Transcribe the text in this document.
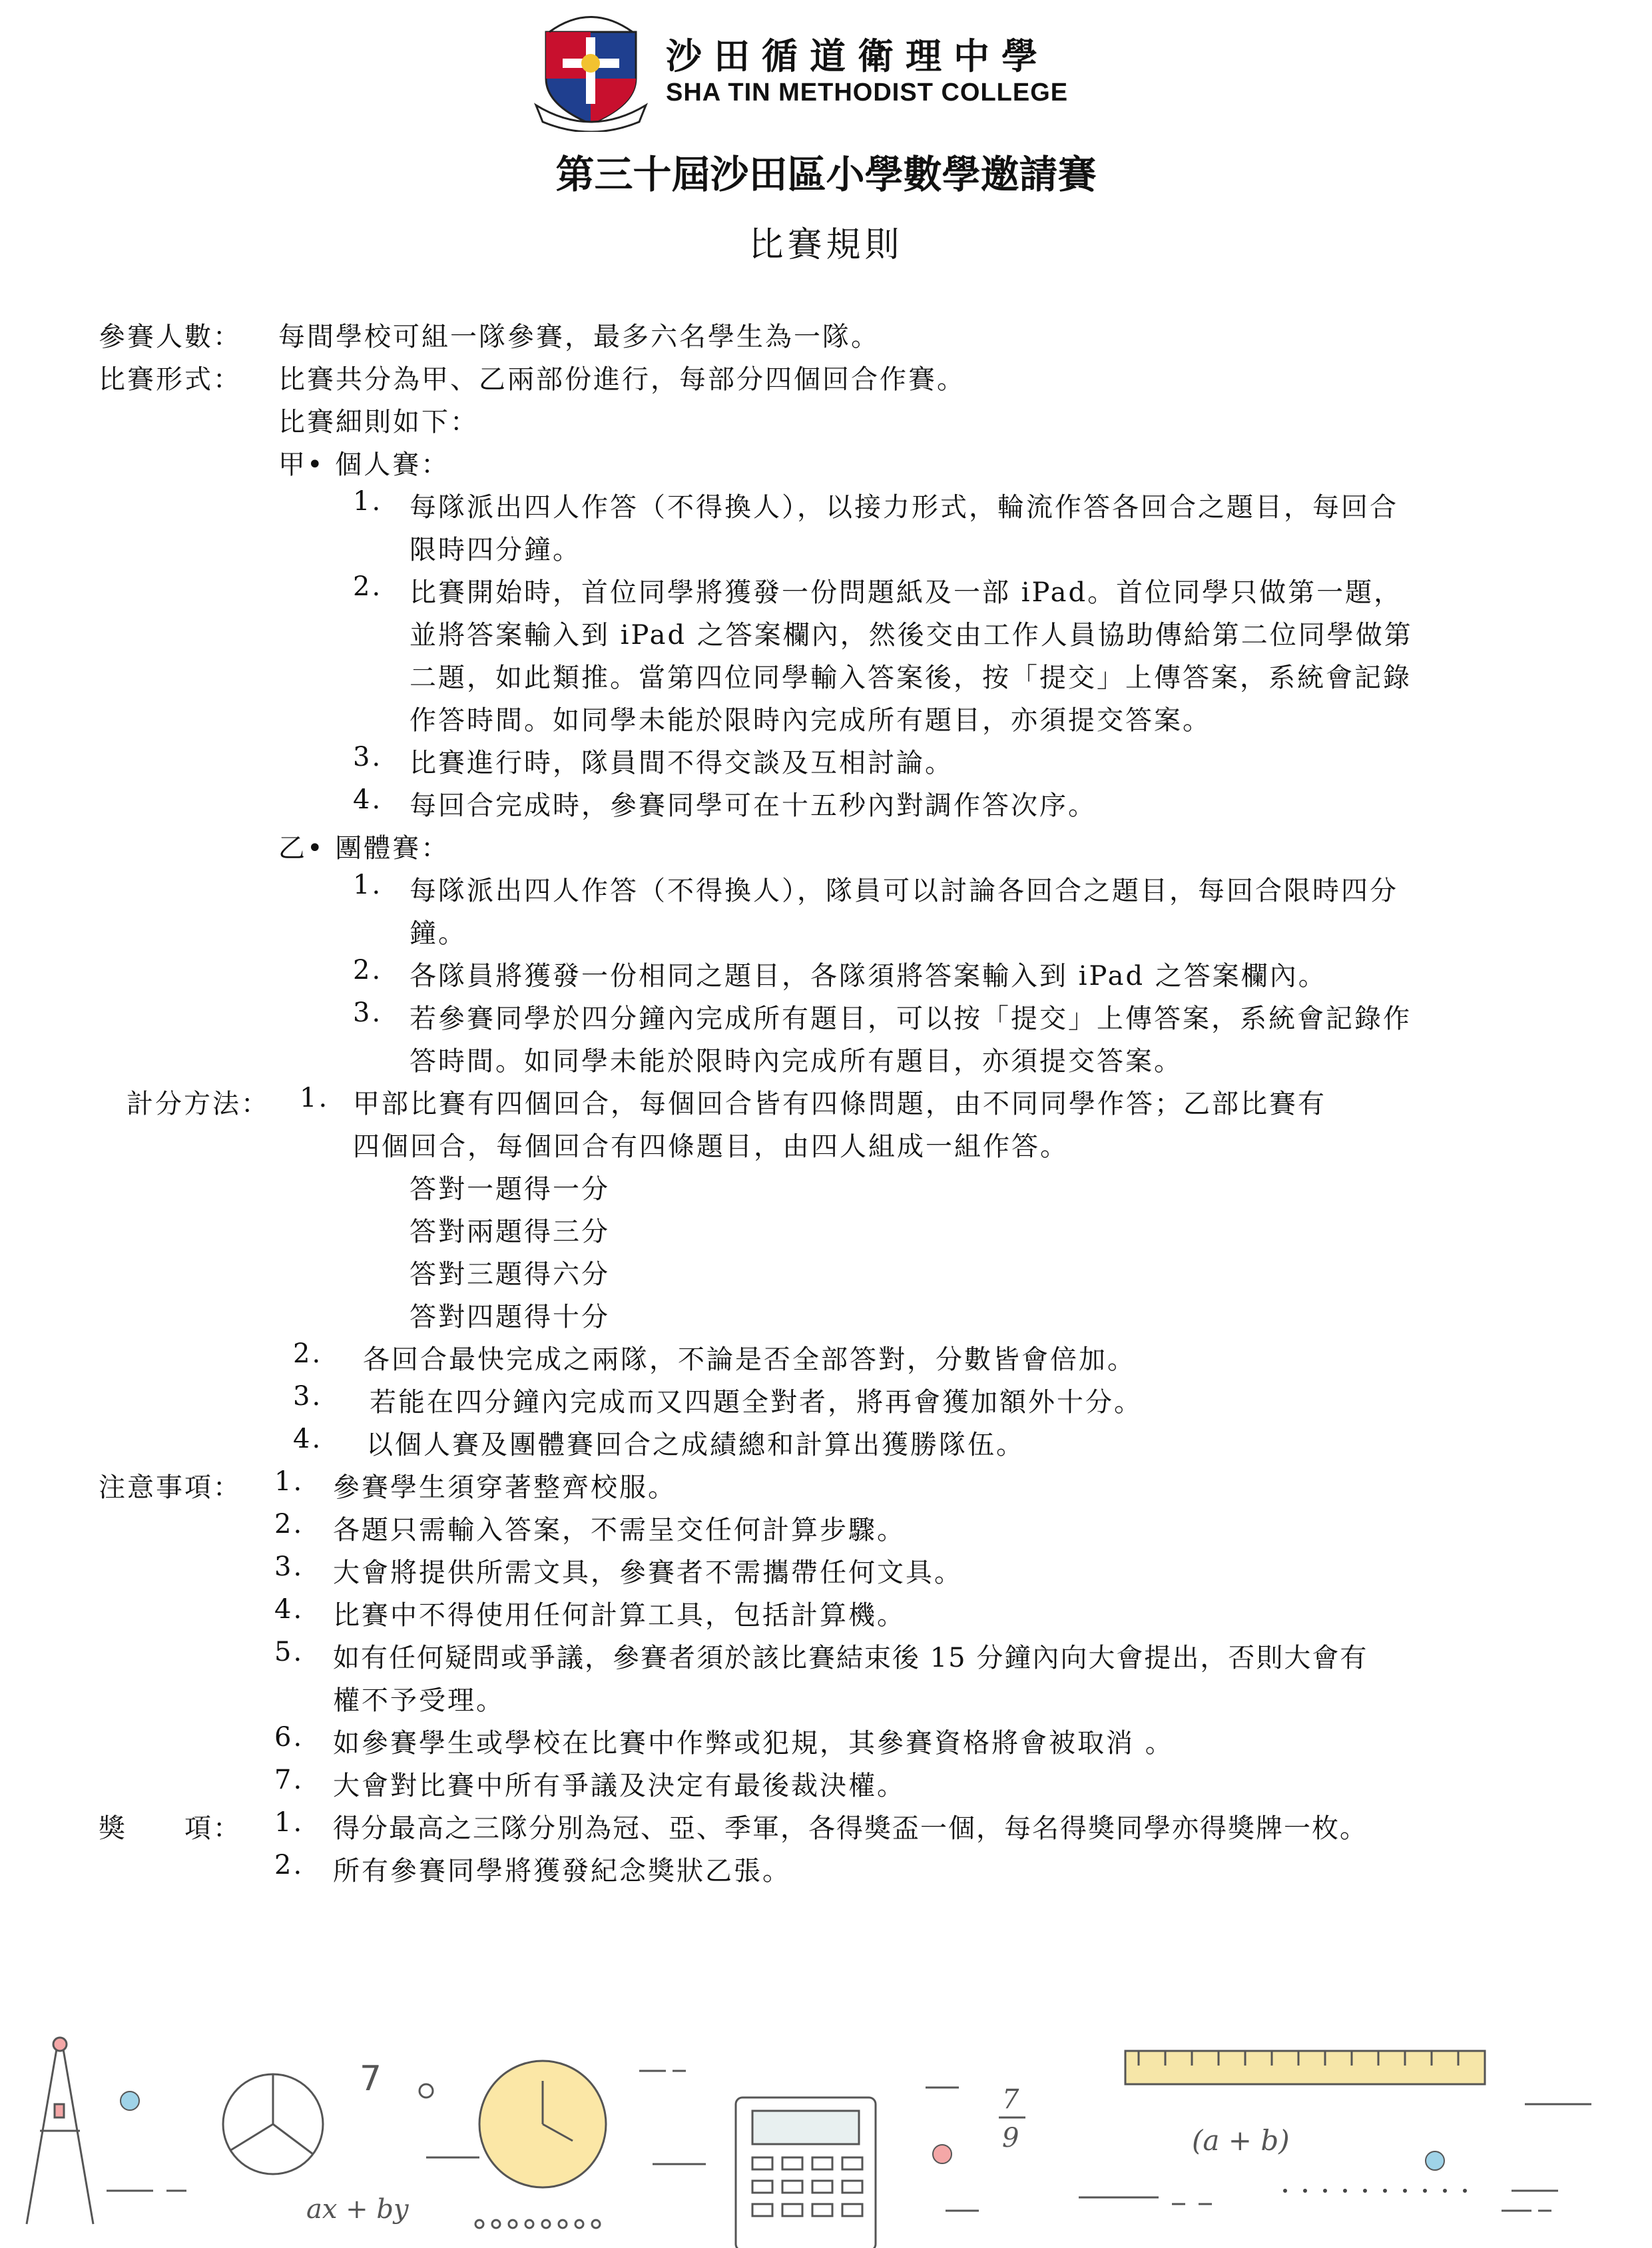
沙田循道衛理中學
SHA TIN METHODIST COLLEGE
第三十屆沙田區小學數學邀請賽
比賽規則
參賽人數： 每間學校可組一隊參賽，最多六名學生為一隊。
比賽形式： 比賽共分為甲、乙兩部份進行，每部分四個回合作賽。
比賽細則如下：
甲• 個人賽：
1. 每隊派出四人作答（不得換人），以接力形式，輪流作答各回合之題目，每回合
限時四分鐘。
2. 比賽開始時，首位同學將獲發一份問題紙及一部 iPad。首位同學只做第一題，
並將答案輸入到 iPad 之答案欄內，然後交由工作人員協助傳給第二位同學做第
二題，如此類推。當第四位同學輸入答案後，按「提交」上傳答案，系統會記錄
作答時間。如同學未能於限時內完成所有題目，亦須提交答案。
3. 比賽進行時，隊員間不得交談及互相討論。
4. 每回合完成時，參賽同學可在十五秒內對調作答次序。
乙• 團體賽：
1. 每隊派出四人作答（不得換人），隊員可以討論各回合之題目，每回合限時四分
鐘。
2. 各隊員將獲發一份相同之題目，各隊須將答案輸入到 iPad 之答案欄內。
3. 若參賽同學於四分鐘內完成所有題目，可以按「提交」上傳答案，系統會記錄作
答時間。如同學未能於限時內完成所有題目，亦須提交答案。
計分方法： 1. 甲部比賽有四個回合，每個回合皆有四條問題，由不同同學作答；乙部比賽有
四個回合，每個回合有四條題目，由四人組成一組作答。
答對一題得一分
答對兩題得三分
答對三題得六分
答對四題得十分
2. 各回合最快完成之兩隊，不論是否全部答對，分數皆會倍加。
3. 若能在四分鐘內完成而又四題全對者，將再會獲加額外十分。
4. 以個人賽及團體賽回合之成績總和計算出獲勝隊伍。
注意事項： 1. 參賽學生須穿著整齊校服。
2. 各題只需輸入答案，不需呈交任何計算步驟。
3. 大會將提供所需文具，參賽者不需攜帶任何文具。
4. 比賽中不得使用任何計算工具，包括計算機。
5. 如有任何疑問或爭議，參賽者須於該比賽結束後 15 分鐘內向大會提出，否則大會有
權不予受理。
6. 如參賽學生或學校在比賽中作弊或犯規，其參賽資格將會被取消 。
7. 大會對比賽中所有爭議及決定有最後裁決權。
獎　　項： 1. 得分最高之三隊分別為冠、亞、季軍，各得獎盃一個，每名得獎同學亦得獎牌一枚。
2. 所有參賽同學將獲發紀念獎狀乙張。
7
7
9	(a + b)
ax + by
